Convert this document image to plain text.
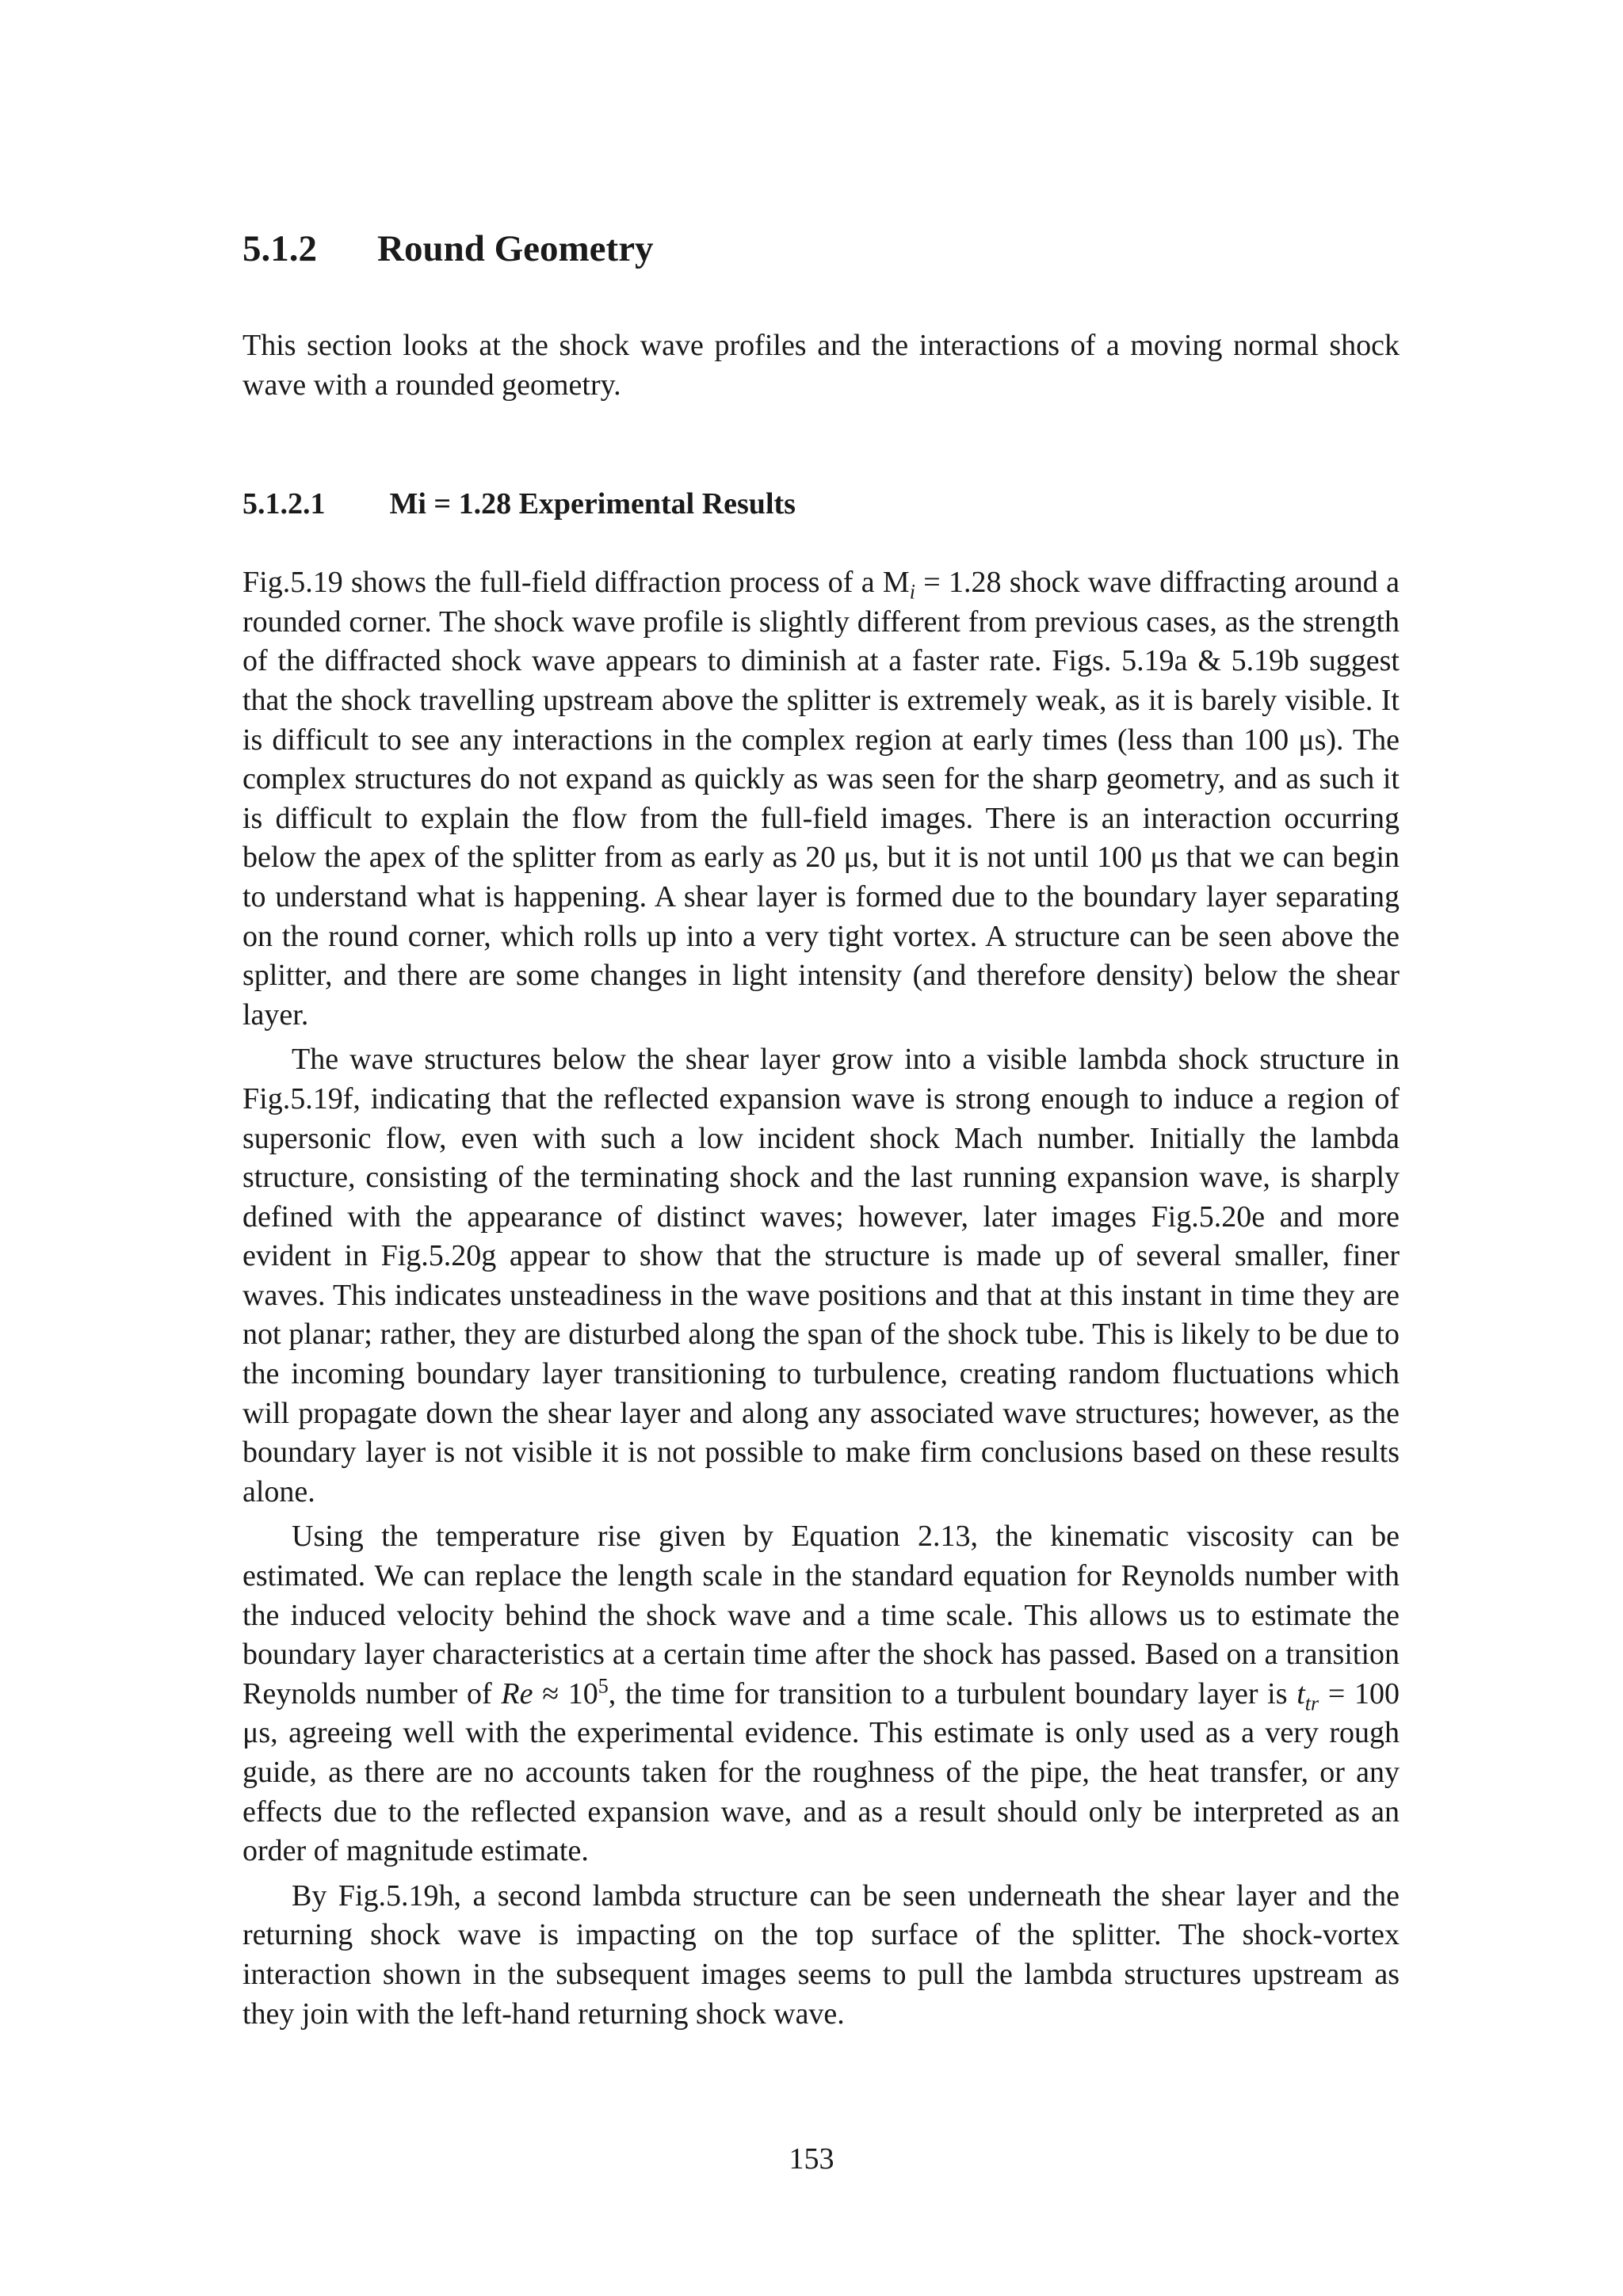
5.1.2	Round Geometry

This section looks at the shock wave profiles and the interactions of a moving normal shock wave with a rounded geometry.

5.1.2.1 Mi = 1.28 Experimental Results

Fig.5.19 shows the full-field diffraction process of a $M_i = 1.28$ shock wave diffracting around a rounded corner. The shock wave profile is slightly different from previous cases, as the strength of the diffracted shock wave appears to diminish at a faster rate. Figs. 5.19a & 5.19b suggest that the shock travelling upstream above the splitter is extremely weak, as it is barely visible. It is difficult to see any interactions in the complex region at early times (less than 100 μs). The complex structures do not expand as quickly as was seen for the sharp geometry, and as such it is difficult to explain the flow from the full-field images. There is an interaction occurring below the apex of the splitter from as early as 20 μs, but it is not until 100 μs that we can begin to understand what is happening. A shear layer is formed due to the boundary layer separating on the round corner, which rolls up into a very tight vortex. A structure can be seen above the splitter, and there are some changes in light intensity (and therefore density) below the shear layer.

The wave structures below the shear layer grow into a visible lambda shock structure in Fig.5.19f, indicating that the reflected expansion wave is strong enough to induce a region of supersonic flow, even with such a low incident shock Mach number. Initially the lambda structure, consisting of the terminating shock and the last running expansion wave, is sharply defined with the appearance of distinct waves; however, later images Fig.5.20e and more evident in Fig.5.20g appear to show that the structure is made up of several smaller, finer waves. This indicates unsteadiness in the wave positions and that at this instant in time they are not planar; rather, they are disturbed along the span of the shock tube. This is likely to be due to the incoming boundary layer transitioning to turbulence, creating random fluctuations which will propagate down the shear layer and along any associated wave structures; however, as the boundary layer is not visible it is not possible to make firm conclusions based on these results alone.

Using the temperature rise given by Equation 2.13, the kinematic viscosity can be estimated. We can replace the length scale in the standard equation for Reynolds number with the induced velocity behind the shock wave and a time scale. This allows us to estimate the boundary layer characteristics at a certain time after the shock has passed. Based on a transition Reynolds number of $Re \approx 10^5$, the time for transition to a turbulent boundary layer is $t_{tr} = 100$ μs, agreeing well with the experimental evidence. This estimate is only used as a very rough guide, as there are no accounts taken for the roughness of the pipe, the heat transfer, or any effects due to the reflected expansion wave, and as a result should only be interpreted as an order of magnitude estimate.

By Fig.5.19h, a second lambda structure can be seen underneath the shear layer and the returning shock wave is impacting on the top surface of the splitter. The shock-vortex interaction shown in the subsequent images seems to pull the lambda structures upstream as they join with the left-hand returning shock wave.

153
